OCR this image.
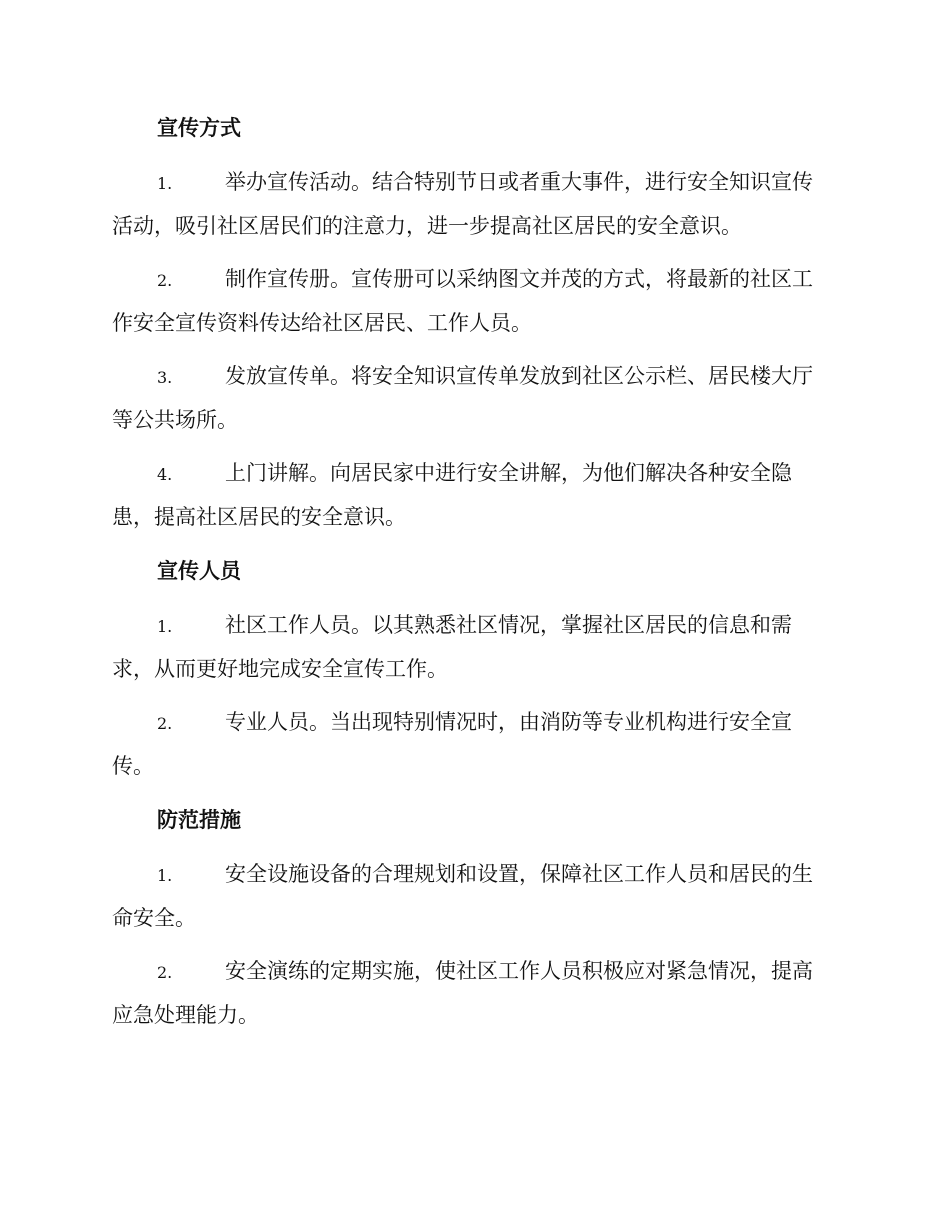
宣传方式
1.	举办宣传活动。结合特别节日或者重大事件，进行安全知识宣传
活动，吸引社区居民们的注意力，进一步提高社区居民的安全意识。
2.	制作宣传册。宣传册可以采纳图文并茂的方式，将最新的社区工
作安全宣传资料传达给社区居民、工作人员。
3.	发放宣传单。将安全知识宣传单发放到社区公示栏、居民楼大厅
等公共场所。
4.	上门讲解。向居民家中进行安全讲解，为他们解决各种安全隐
患，提高社区居民的安全意识。
宣传人员
1.	社区工作人员。以其熟悉社区情况，掌握社区居民的信息和需
求，从而更好地完成安全宣传工作。
2.	专业人员。当出现特别情况时，由消防等专业机构进行安全宣
传。
防范措施
1.	安全设施设备的合理规划和设置，保障社区工作人员和居民的生
命安全。
2.	安全演练的定期实施，使社区工作人员积极应对紧急情况，提高
应急处理能力。
